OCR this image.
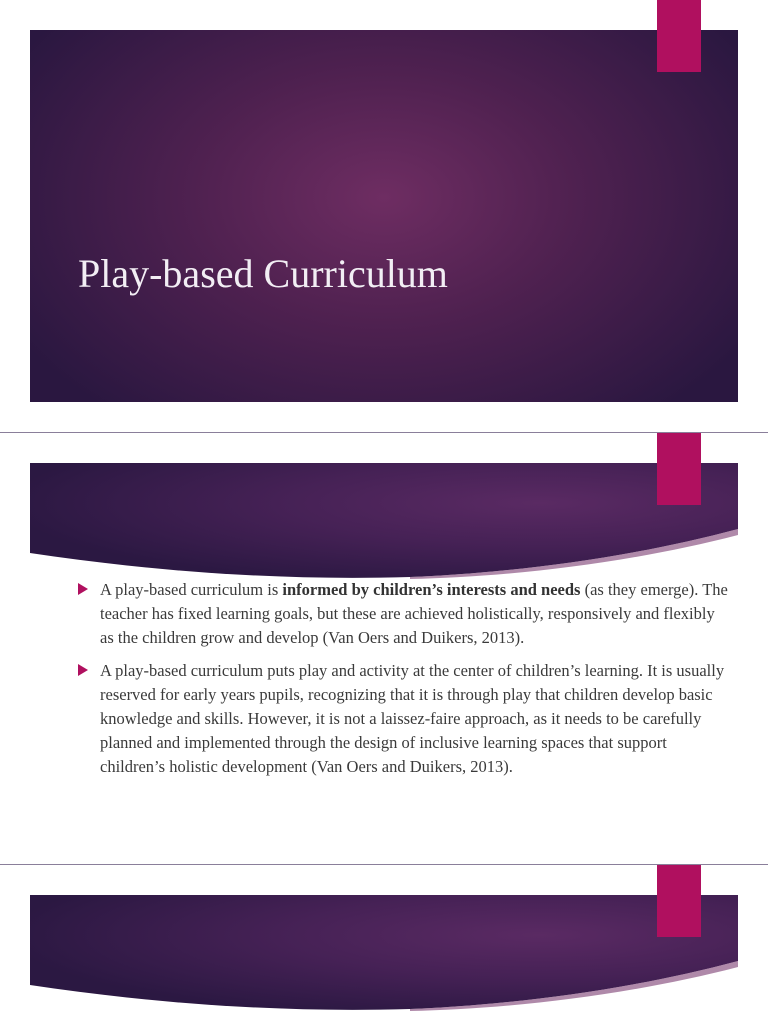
Play-based Curriculum
A play-based curriculum is informed by children’s interests and needs (as they emerge). The teacher has fixed learning goals, but these are achieved holistically, responsively and flexibly as the children grow and develop (Van Oers and Duikers, 2013).
A play-based curriculum puts play and activity at the center of children’s learning. It is usually reserved for early years pupils, recognizing that it is through play that children develop basic knowledge and skills. However, it is not a laissez-faire approach, as it needs to be carefully planned and implemented through the design of inclusive learning spaces that support children’s holistic development (Van Oers and Duikers, 2013).
